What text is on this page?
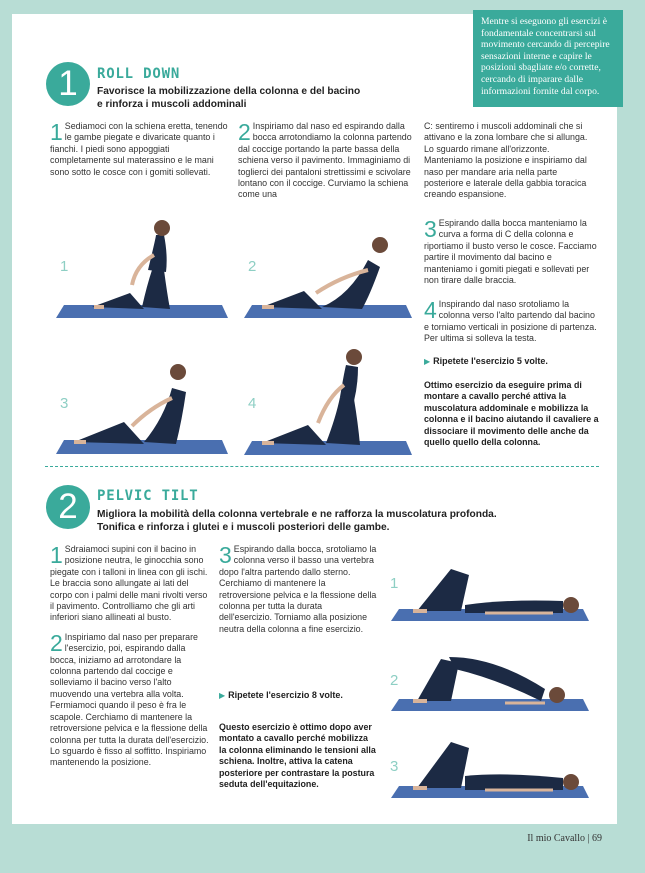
Mentre si eseguono gli esercizi è fondamentale concentrarsi sul movimento cercando di percepire sensazioni interne e capire le posizioni sbagliate e/o corrette, cercando di imparare dalle informazioni fornite dal corpo.
1	ROLL DOWN
Favorisce la mobilizzazione della colonna e del bacino e rinforza i muscoli addominali
1 Sediamoci con la schiena eretta, tenendo le gambe piegate e divaricate quanto i fianchi. I piedi sono appoggiati completamente sul materassino e le mani sono sotto le cosce con i gomiti sollevati.
2 Inspiriamo dal naso ed espirando dalla bocca arrotondiamo la colonna partendo dal coccige portando la parte bassa della schiena verso il pavimento. Immaginiamo di toglierci dei pantaloni strettissimi e scivolare lontano con il coccige. Curviamo la schiena come una
C: sentiremo i muscoli addominali che si attivano e la zona lombare che si allunga. Lo sguardo rimane all'orizzonte. Manteniamo la posizione e inspiriamo dal naso per mandare aria nella parte posteriore e laterale della gabbia toracica creando espansione.
3 Espirando dalla bocca manteniamo la curva a forma di C della colonna e riportiamo il busto verso le cosce. Facciamo partire il movimento dal bacino e manteniamo i gomiti piegati e sollevati per non tirare dalle braccia.
4 Inspirando dal naso srotoliamo la colonna verso l'alto partendo dal bacino e torniamo verticali in posizione di partenza. Per ultima si solleva la testa.
▶ Ripetete l'esercizio 5 volte.
Ottimo esercizio da eseguire prima di montare a cavallo perché attiva la muscolatura addominale e mobilizza la colonna e il bacino aiutando il cavaliere a dissociare il movimento delle anche da quello quello della colonna.
1	2
3	4
2	PELVIC TILT
Migliora la mobilità della colonna vertebrale e ne rafforza la muscolatura profonda.
Tonifica e rinforza i glutei e i muscoli posteriori delle gambe.

1 Sdraiamoci supini con il bacino in posizione neutra, le ginocchia sono piegate con i talloni in linea con gli ischi. Le braccia sono allungate ai lati del corpo con i palmi delle mani rivolti verso il pavimento. Controlliamo che gli arti inferiori siano allineati al busto.

2 Inspiriamo dal naso per preparare l'esercizio, poi, espirando dalla bocca, iniziamo ad arrotondare la colonna partendo dal coccige e solleviamo il bacino verso l'alto muovendo una vertebra alla volta. Fermiamoci quando il peso è fra le scapole. Cerchiamo di mantenere la retroversione pelvica e la flessione della colonna per tutta la durata dell'esercizio. Lo sguardo è fisso al soffitto. Inspiriamo mantenendo la posizione.

3 Espirando dalla bocca, srotoliamo la colonna verso il basso una vertebra dopo l'altra partendo dallo sterno.
Cerchiamo di mantenere la retroversione pelvica e la flessione della colonna per tutta la durata dell'esercizio. Torniamo alla posizione neutra della colonna a fine esercizio.
▶ Ripetete l'esercizio 8 volte.
Questo esercizio è ottimo dopo aver montato a cavallo perché mobilizza la colonna eliminando le tensioni alla schiena. Inoltre, attiva la catena posteriore per contrastare la postura seduta dell'equitazione.
1
2
3
Il mio Cavallo | 69
